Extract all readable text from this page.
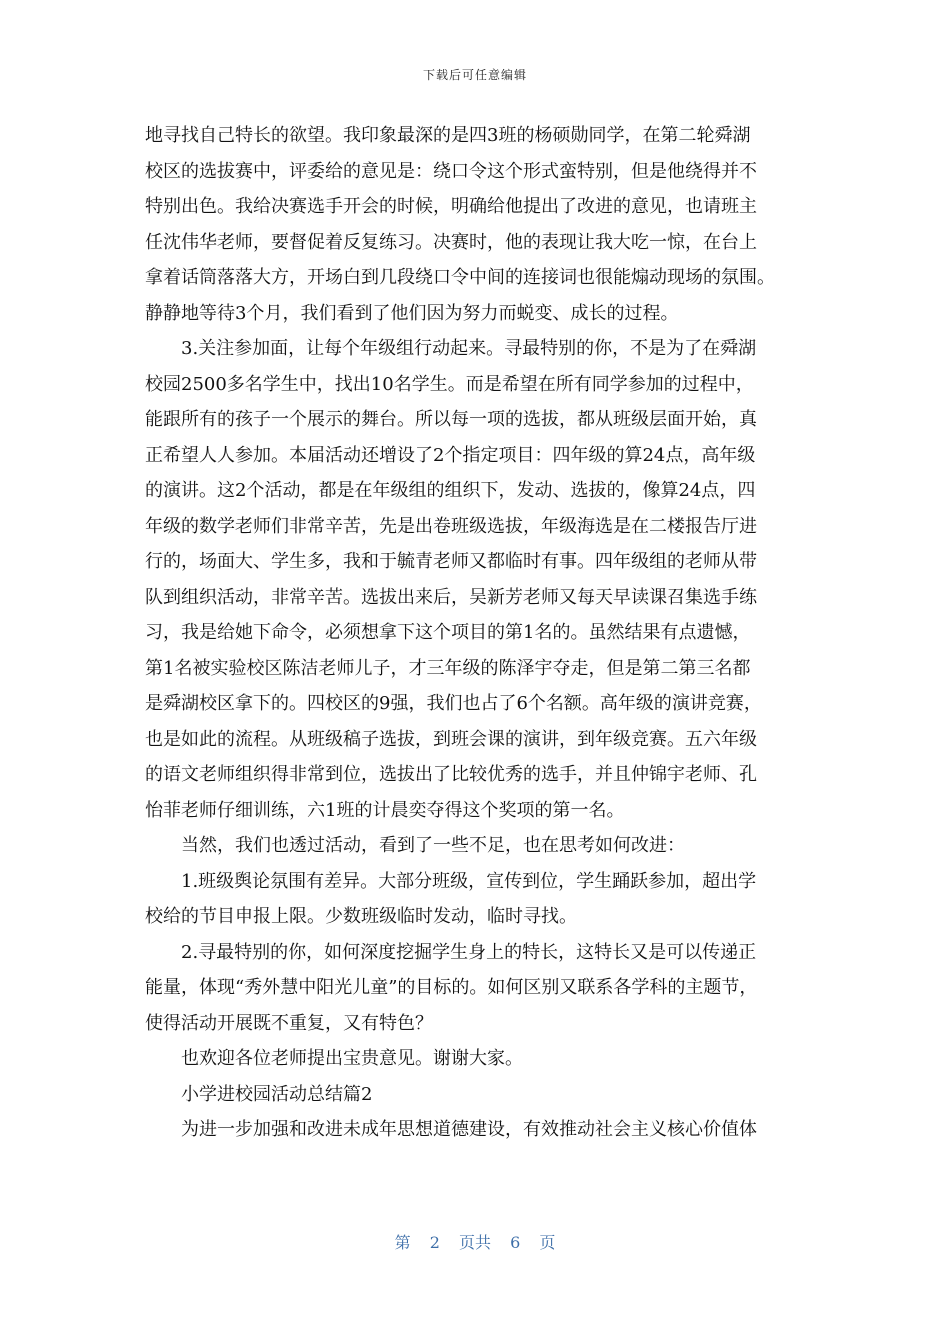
下载后可任意编辑
地寻找自己特长的欲望。我印象最深的是四3班的杨硕勋同学，在第二轮舜湖
校区的选拔赛中，评委给的意见是：绕口令这个形式蛮特别，但是他绕得并不
特别出色。我给决赛选手开会的时候，明确给他提出了改进的意见，也请班主
任沈伟华老师，要督促着反复练习。决赛时，他的表现让我大吃一惊，在台上
拿着话筒落落大方，开场白到几段绕口令中间的连接词也很能煽动现场的氛围。
静静地等待3个月，我们看到了他们因为努力而蜕变、成长的过程。
3.关注参加面，让每个年级组行动起来。寻最特别的你，不是为了在舜湖
校园2500多名学生中，找出10名学生。而是希望在所有同学参加的过程中，
能跟所有的孩子一个展示的舞台。所以每一项的选拔，都从班级层面开始，真
正希望人人参加。本届活动还增设了2个指定项目：四年级的算24点，高年级
的演讲。这2个活动，都是在年级组的组织下，发动、选拔的，像算24点，四
年级的数学老师们非常辛苦，先是出卷班级选拔，年级海选是在二楼报告厅进
行的，场面大、学生多，我和于毓青老师又都临时有事。四年级组的老师从带
队到组织活动，非常辛苦。选拔出来后，吴新芳老师又每天早读课召集选手练
习，我是给她下命令，必须想拿下这个项目的第1名的。虽然结果有点遗憾，
第1名被实验校区陈洁老师儿子，才三年级的陈泽宇夺走，但是第二第三名都
是舜湖校区拿下的。四校区的9强，我们也占了6个名额。高年级的演讲竞赛，
也是如此的流程。从班级稿子选拔，到班会课的演讲，到年级竞赛。五六年级
的语文老师组织得非常到位，选拔出了比较优秀的选手，并且仲锦宇老师、孔
怡菲老师仔细训练，六1班的计晨奕夺得这个奖项的第一名。
当然，我们也透过活动，看到了一些不足，也在思考如何改进：
1.班级舆论氛围有差异。大部分班级，宣传到位，学生踊跃参加，超出学
校给的节目申报上限。少数班级临时发动，临时寻找。
2.寻最特别的你，如何深度挖掘学生身上的特长，这特长又是可以传递正
能量，体现“秀外慧中阳光儿童”的目标的。如何区别又联系各学科的主题节，
使得活动开展既不重复，又有特色？
也欢迎各位老师提出宝贵意见。谢谢大家。
小学进校园活动总结篇2
为进一步加强和改进未成年思想道德建设，有效推动社会主义核心价值体
第 2 页共 6 页
